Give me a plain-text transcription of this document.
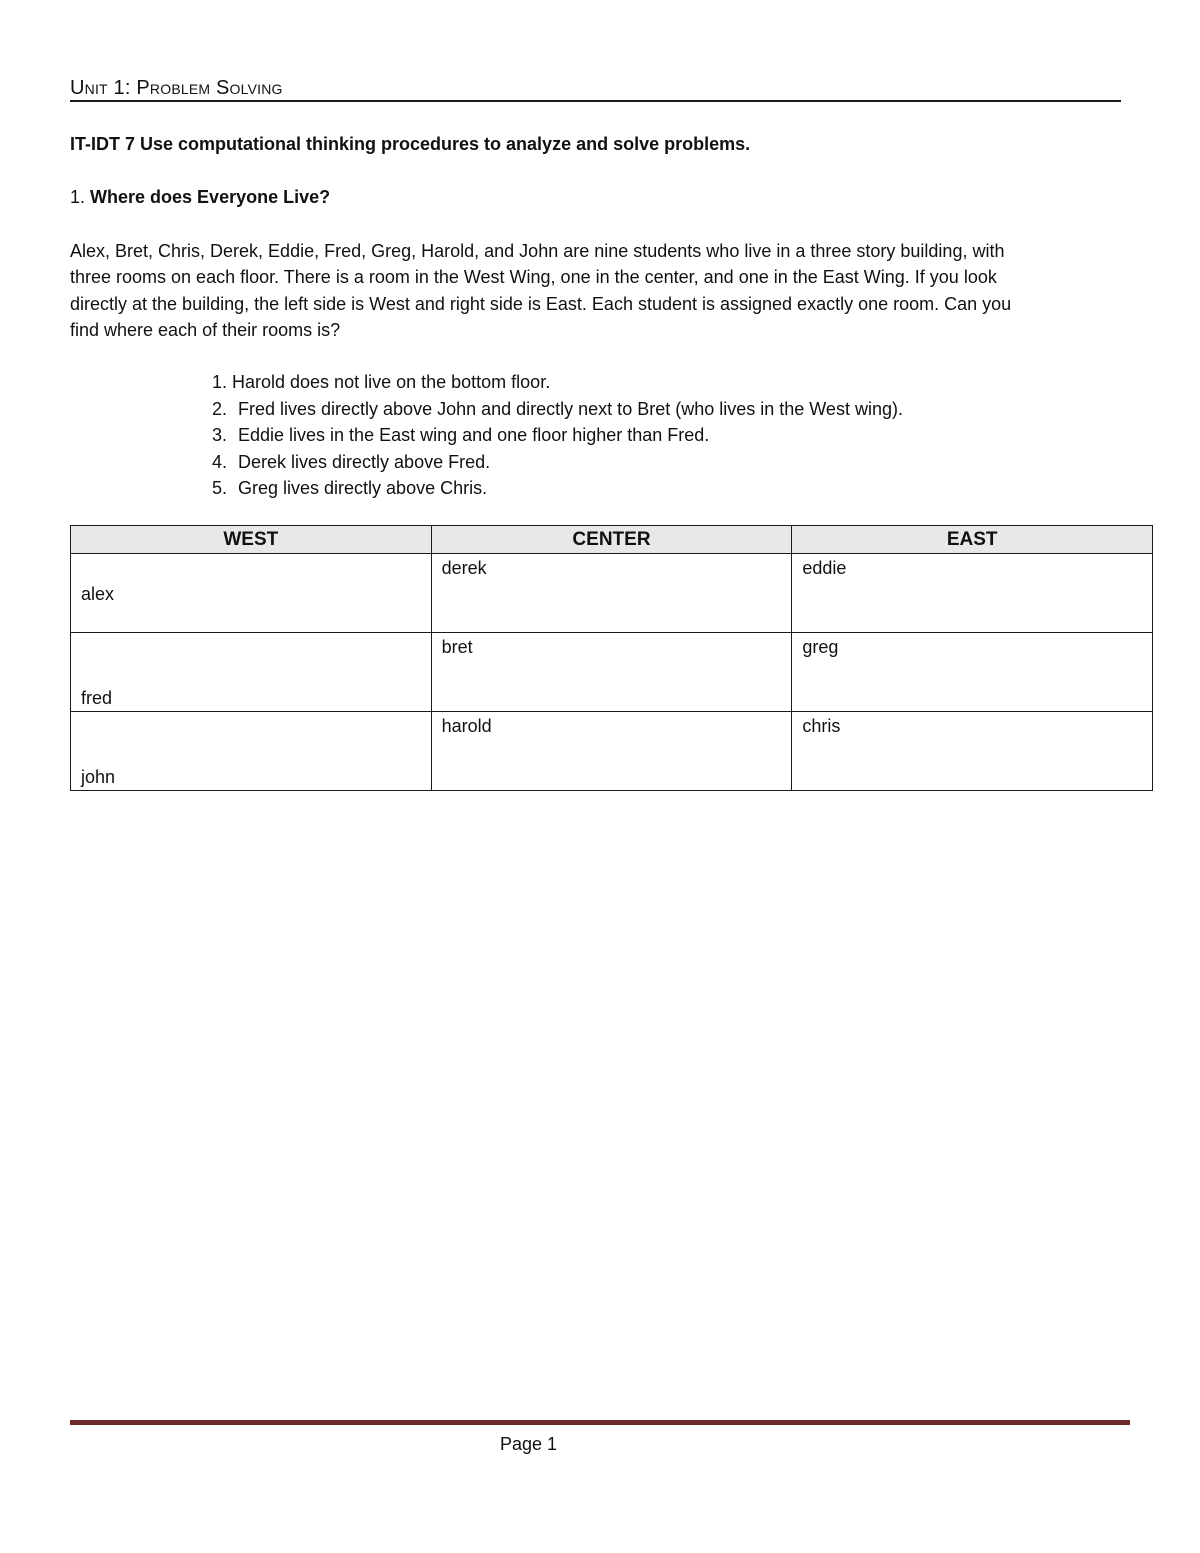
Unit 1: Problem Solving
IT-IDT 7 Use computational thinking procedures to analyze and solve problems.
1. Where does Everyone Live?
Alex, Bret, Chris, Derek, Eddie, Fred, Greg, Harold, and John are nine students who live in a three story building, with
three rooms on each floor. There is a room in the West Wing, one in the center, and one in the East Wing. If you look
directly at the building, the left side is West and right side is East. Each student is assigned exactly one room. Can you
find where each of their rooms is?
1. Harold does not live on the bottom floor.
2. Fred lives directly above John and directly next to Bret (who lives in the West wing).
3. Eddie lives in the East wing and one floor higher than Fred.
4. Derek lives directly above Fred.
5. Greg lives directly above Chris.
WEST	CENTER	EAST

alex	derek	eddie

fred	bret	greg

john	harold	chris
Page 1
